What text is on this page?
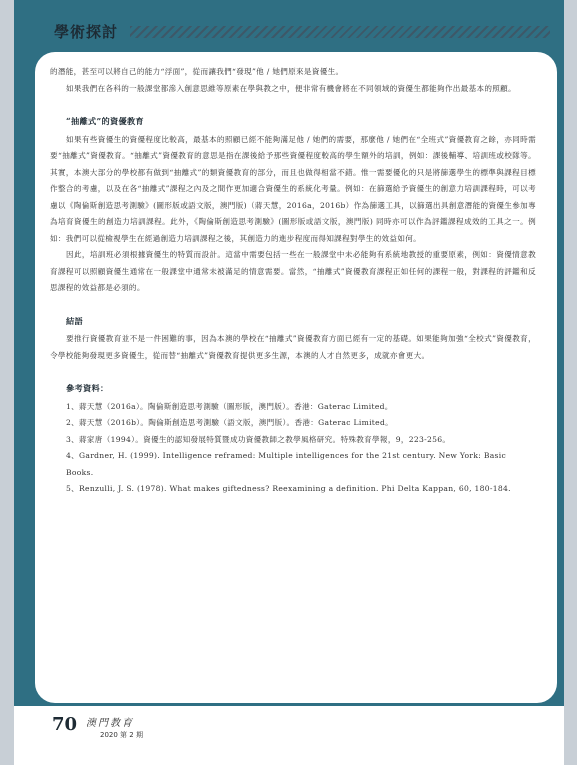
學術探討

的潛能，甚至可以將自己的能力“浮面”，從而讓我們“發現”他 / 她們原來是資優生。

如果我們在各科的一般課堂都滲入創意思維等原素在學與教之中，便非常有機會將在不同領域的資優生都能夠作出最基本的照顧。

“抽離式”的資優教育

如果有些資優生的資優程度比較高，最基本的照顧已經不能夠滿足他 / 她們的需要，那麼他 / 她們在“全班式”資優教育之餘，亦同時需要“抽離式”資優教育。“抽離式”資優教育的意思是指在課後給予那些資優程度較高的學生額外的培訓，例如：課後輔導、培訓班或校隊等。其實，本澳大部分的學校都有做到“抽離式”的類資優教育的部分，而且也做得相當不錯。惟一需要優化的只是將篩選學生的標準與課程目標作整合的考慮，以及在各“抽離式”課程之內及之間作更加適合資優生的系統化考量。例如：在篩選給予資優生的創意力培訓課程時，可以考慮以《陶倫斯創造思考測驗》(圖形版或語文版，澳門版)（蔣天慧，2016a，2016b）作為篩選工具，以篩選出具創意潛能的資優生參加專為培育資優生的創造力培訓課程。此外，《陶倫斯創造思考測驗》(圖形版或語文版，澳門版) 同時亦可以作為評鑑課程成效的工具之一。例如：我們可以從檢視學生在經過創造力培訓課程之後，其創造力的進步程度而得知課程對學生的效益如何。

因此，培訓班必須根據資優生的特質而設計。這當中需要包括一些在一般課堂中未必能夠有系統地教授的重要原素，例如：資優情意教育課程可以照顧資優生通常在一般課堂中通常未被滿足的情意需要。當然，“抽離式”資優教育課程正如任何的課程一般，對課程的評鑑和反思課程的效益都是必須的。

結語

要推行資優教育並不是一件困難的事，因為本澳的學校在“抽離式”資優教育方面已經有一定的基礎。如果能夠加強“全校式”資優教育，令學校能夠發現更多資優生，從而替“抽離式”資優教育提供更多生源，本澳的人才自然更多，成就亦會更大。

參考資料：
1、蔣天慧（2016a）。陶倫斯創造思考測驗（圖形版，澳門版）。香港：Gaterac Limited。
2、蔣天慧（2016b）。陶倫斯創造思考測驗（語文版，澳門版）。香港：Gaterac Limited。
3、蔣家唐（1994）。資優生的認知發展特質暨成功資優教師之教學風格研究。特殊教育學報，9，223-256。
4、Gardner, H. (1999). Intelligence reframed: Multiple intelligences for the 21st century. New York: Basic Books.
5、Renzulli, J. S. (1978). What makes giftedness? Reexamining a definition. Phi Delta Kappan, 60, 180-184.
70 澳門教育
2020 第 2 期
